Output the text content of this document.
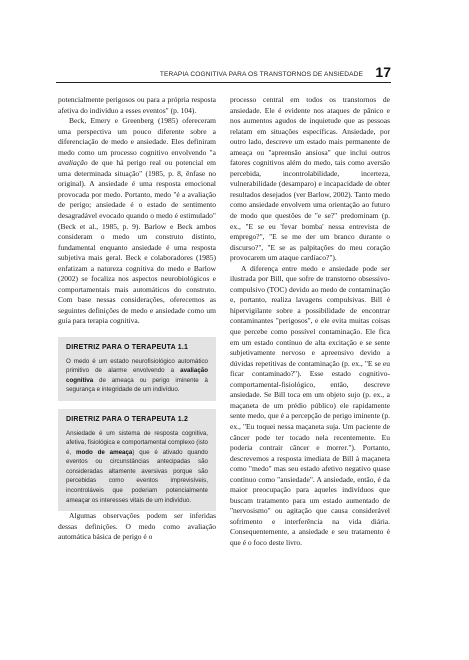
TERAPIA COGNITIVA PARA OS TRANSTORNOS DE ANSIEDADE 17

potencialmente perigosos ou para a própria resposta afetiva do indivíduo a esses eventos" (p. 104).

Beck, Emery e Greenberg (1985) ofereceram uma perspectiva um pouco diferente sobre a diferenciação de medo e ansiedade. Eles definiram medo como um processo cognitivo envolvendo "a avaliação de que há perigo real ou potencial em uma determinada situação" (1985, p. 8, ênfase no original). A ansiedade é uma resposta emocional provocada por medo. Portanto, medo "é a avaliação de perigo; ansiedade é o estado de sentimento desagradável evocado quando o medo é estimulado" (Beck et al., 1985, p. 9). Barlow e Beck ambos consideram o medo um construto distinto, fundamental enquanto ansiedade é uma resposta subjetiva mais geral. Beck e colaboradores (1985) enfatizam a natureza cognitiva do medo e Barlow (2002) se focaliza nos aspectos neurobiológicos e comportamentais mais automáticos do construto. Com base nessas considerações, oferecemos as seguintes definições de medo e ansiedade como um guia para terapia cognitiva.

DIRETRIZ PARA O TERAPEUTA 1.1
O medo é um estado neurofisiológico automático primitivo de alarme envolvendo a avaliação cognitiva de ameaça ou perigo iminente à segurança e integridade de um indivíduo.
DIRETRIZ PARA O TERAPEUTA 1.2
Ansiedade é um sistema de resposta cognitiva, afetiva, fisiológica e comportamental complexo (isto é, modo de ameaça) que é ativado quando eventos ou circunstâncias antecipadas são consideradas altamente aversivas porque são percebidas como eventos imprevisíveis, incontroláveis que poderiam potencialmente ameaçar os interesses vitais de um indivíduo.

Algumas observações podem ser inferidas dessas definições. O medo como avaliação automática básica de perigo é o

processo central em todos os transtornos de ansiedade. Ele é evidente nos ataques de pânico e nos aumentos agudos de inquietude que as pessoas relatam em situações específicas. Ansiedade, por outro lado, descreve um estado mais permanente de ameaça ou "apreensão ansiosa" que inclui outros fatores cognitivos além do medo, tais como aversão percebida, incontrolabilidade, incerteza, vulnerabilidade (desamparo) e incapacidade de obter resultados desejados (ver Barlow, 2002). Tanto medo como ansiedade envolvem uma orientação ao futuro de modo que questões de "e se?" predominam (p. ex., "E se eu 'fevar bomba' nessa entrevista de emprego?", "E se me der um branco durante o discurso?", "E se as palpitações do meu coração provocarem um ataque cardíaco?").

A diferença entre medo e ansiedade pode ser ilustrada por Bill, que sofre de transtorno obsessivo-compulsivo (TOC) devido ao medo de contaminação e, portanto, realiza lavagens compulsivas. Bill é hipervigilante sobre a possibilidade de encontrar contaminantes "perigosos", e ele evita muitas coisas que percebe como possível contaminação. Ele fica em um estado contínuo de alta excitação e se sente subjetivamente nervoso e apreensivo devido a dúvidas repetitivas de contaminação (p. ex., "E se eu ficar contaminado?"). Esse estado cognitivo-comportamental-fisiológico, então, descreve ansiedade. Se Bill toca em um objeto sujo (p. ex., a maçaneta de um prédio público) ele rapidamente sente medo, que é a percepção de perigo iminente (p. ex., "Eu toquei nessa maçaneta suja. Um paciente de câncer pode ter tocado nela recentemente. Eu poderia contrair câncer e morrer."). Portanto, descrevemos a resposta imediata de Bill à maçaneta como "medo" mas seu estado afetivo negativo quase contínuo como "ansiedade". A ansiedade, então, é da maior preocupação para aqueles indivíduos que buscam tratamento para um estado aumentado de "nervosismo" ou agitação que causa considerável sofrimento e interferência na vida diária. Consequentemente, a ansiedade e seu tratamento é que é o foco deste livro.
